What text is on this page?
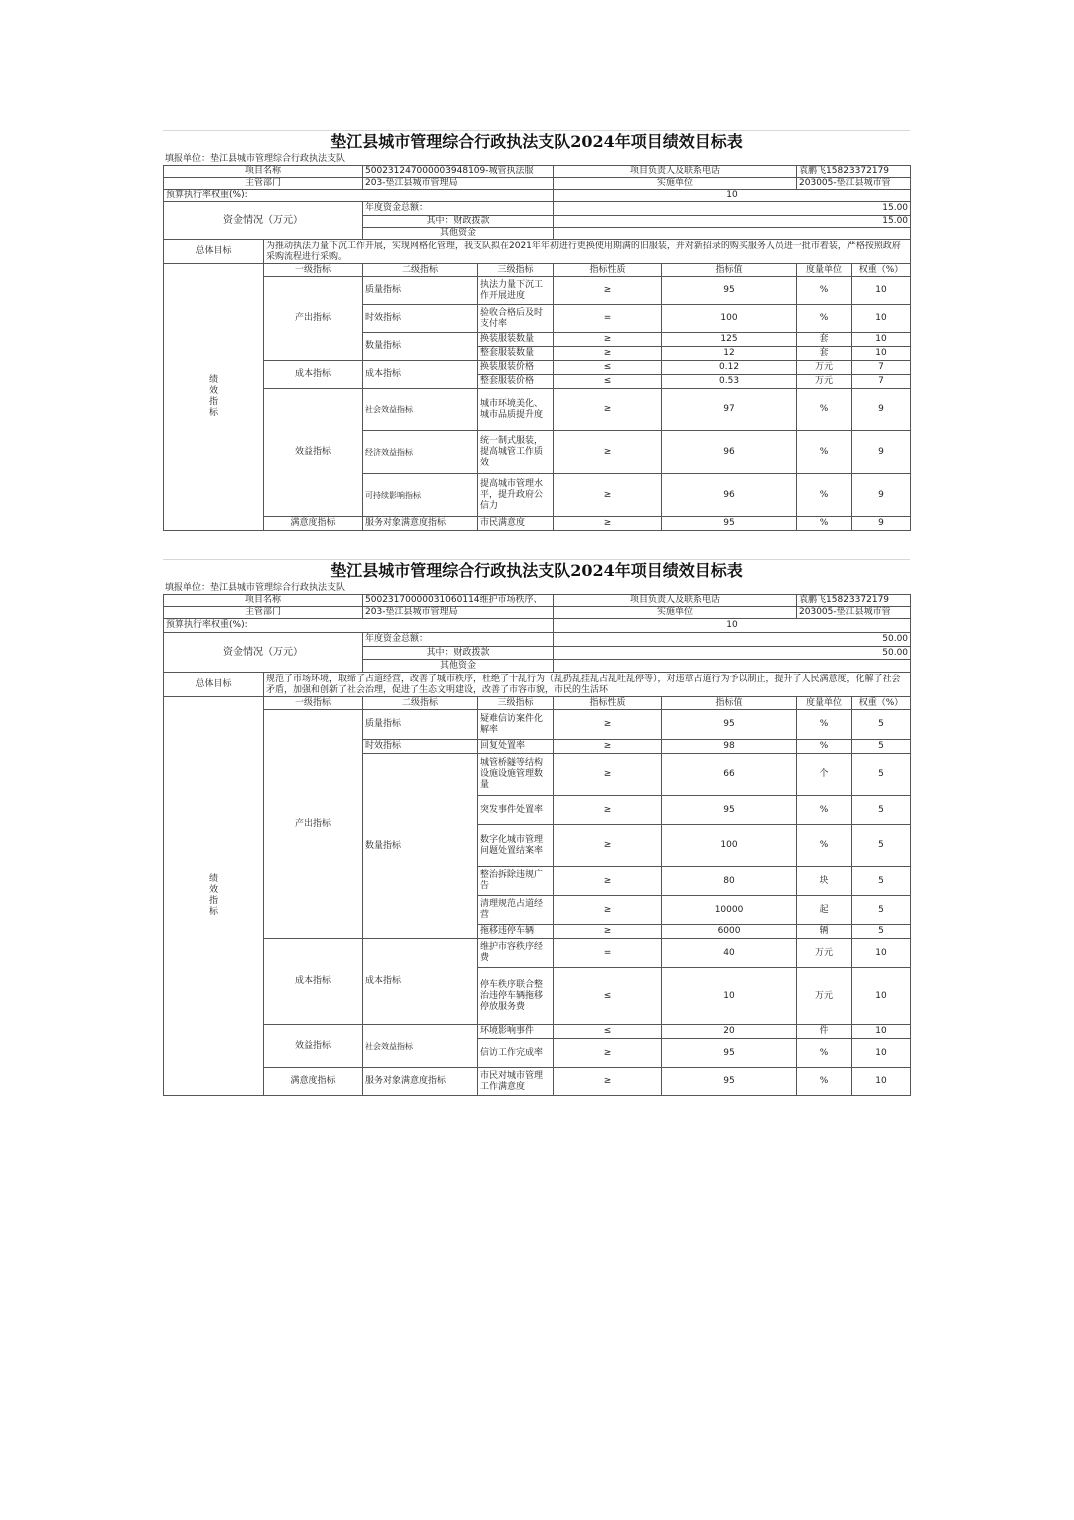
垫江县城市管理综合行政执法支队2024年项目绩效目标表
填报单位：垫江县城市管理综合行政执法支队
项目名称		500231247000003948109-城管执法服		项目负责人及联系电话		袁鹏飞15823372179	
主管部门		203-垫江县城市管理局		实施单位		203005-垫江县城市管	
预算执行率权重(%):				10			
资金情况（万元）		年度资金总额：		15.00			
		其中：财政拨款		15.00			
		其他资金					
总体目标	为推动执法力量下沉工作开展，实现网格化管理，我支队拟在2021年年初进行更换使用期满的旧服装，并对新招录的购买服务人员进一批市着装，严格按照政府采购流程进行采购。						

绩效指标	一级指标	二级指标	三级指标	指标性质	指标值	度量单位	权重（%）
	产出指标	质量指标	执法力量下沉工作开展进度	≥	95	%	10
		时效指标	验收合格后及时支付率	=	100	%	10
		数量指标	换装服装数量	≥	125	套	10
			整套服装数量	≥	12	套	10
	成本指标	成本指标	换装服装价格	≤	0.12	万元	7
			整套服装价格	≤	0.53	万元	7
	效益指标	社会效益指标	城市环境美化、城市品质提升度	≥	97	%	9
		经济效益指标	统一制式服装，提高城管工作质效	≥	96	%	9
		可持续影响指标	提高城市管理水平，提升政府公信力	≥	96	%	9
	满意度指标	服务对象满意度指标	市民满意度	≥	95	%	9
垫江县城市管理综合行政执法支队2024年项目绩效目标表
填报单位：垫江县城市管理综合行政执法支队
项目名称		50023170000031060114维护市场秩序、		项目负责人及联系电话		袁鹏飞15823372179	
主管部门		203-垫江县城市管理局		实施单位		203005-垫江县城市管	
预算执行率权重(%):				10			
资金情况（万元）		年度资金总额：		50.00			
		其中：财政拨款		50.00			
		其他资金					
总体目标	规范了市场环境，取缔了占道经营，改善了城市秩序，杜绝了十乱行为（乱扔乱挂乱占乱吐乱停等），对违章占道行为予以制止，提升了人民满意度，化解了社会矛盾，加强和创新了社会治理，促进了生态文明建设，改善了市容市貌，市民的生活环						

绩效指标	一级指标	二级指标	三级指标	指标性质	指标值	度量单位	权重（%）
	产出指标	质量指标	疑难信访案件化解率	≥	95	%	5
		时效指标	回复处置率	≥	98	%	5
		数量指标	城管桥隧等结构设施设施管理数量	≥	66	个	5
			突发事件处置率	≥	95	%	5
			数字化城市管理问题处置结案率	≥	100	%	5
			整治拆除违规广告	≥	80	块	5
			清理规范占道经营	≥	10000	起	5
			拖移违停车辆	≥	6000	辆	5
	成本指标	成本指标	维护市容秩序经费	=	40	万元	10
			停车秩序联合整治违停车辆拖移停放服务费	≤	10	万元	10
	效益指标	社会效益指标	环境影响事件	≤	20	件	10
			信访工作完成率	≥	95	%	10
	满意度指标	服务对象满意度指标	市民对城市管理工作满意度	≥	95	%	10
